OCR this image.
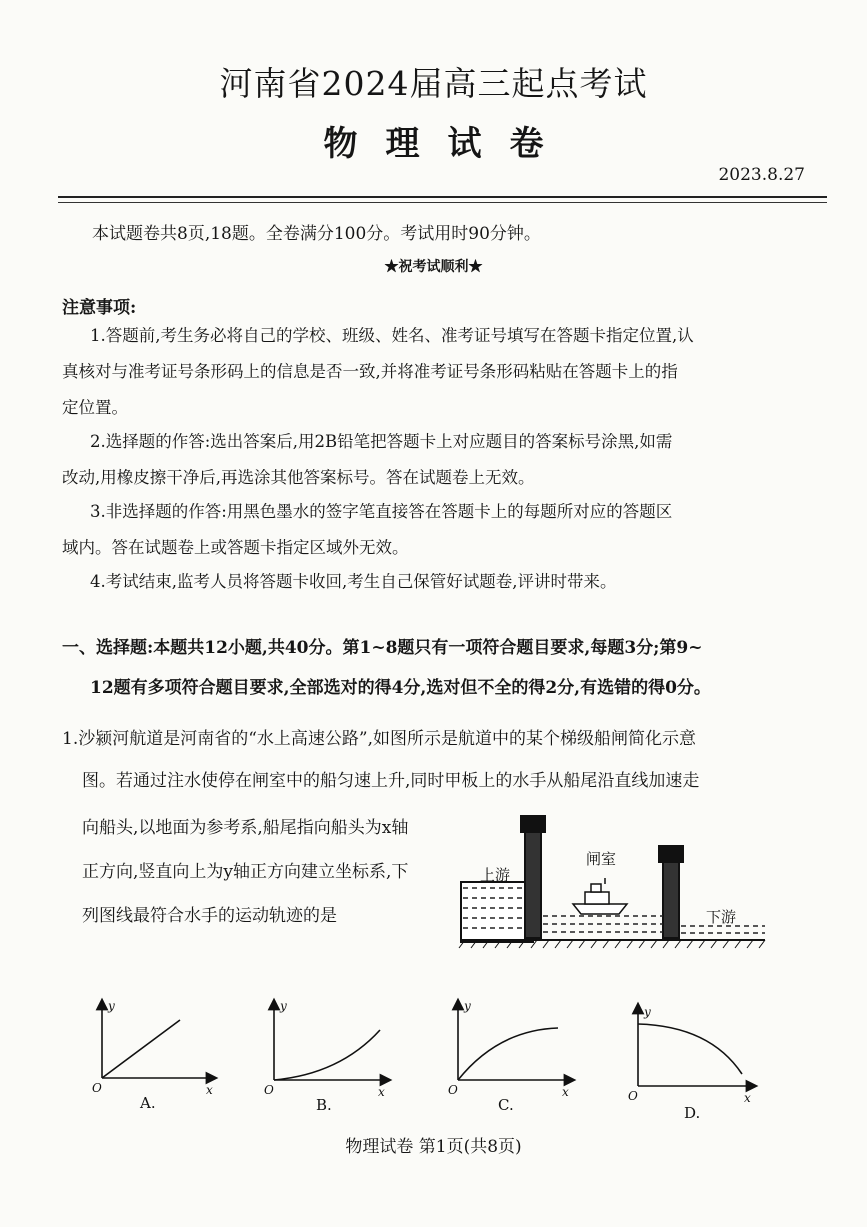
河南省2024届高三起点考试
物理试卷
2023.8.27
本试题卷共8页,18题。全卷满分100分。考试用时90分钟。
★祝考试顺利★
注意事项:
1.答题前,考生务必将自己的学校、班级、姓名、准考证号填写在答题卡指定位置,认
真核对与准考证号条形码上的信息是否一致,并将准考证号条形码粘贴在答题卡上的指
定位置。
2.选择题的作答:选出答案后,用2B铅笔把答题卡上对应题目的答案标号涂黑,如需
改动,用橡皮擦干净后,再选涂其他答案标号。答在试题卷上无效。
3.非选择题的作答:用黑色墨水的签字笔直接答在答题卡上的每题所对应的答题区
域内。答在试题卷上或答题卡指定区域外无效。
4.考试结束,监考人员将答题卡收回,考生自己保管好试题卷,评讲时带来。
一、选择题:本题共12小题,共40分。第1~8题只有一项符合题目要求,每题3分;第9~
12题有多项符合题目要求,全部选对的得4分,选对但不全的得2分,有选错的得0分。
1.沙颍河航道是河南省的“水上高速公路”,如图所示是航道中的某个梯级船闸简化示意
图。若通过注水使停在闸室中的船匀速上升,同时甲板上的水手从船尾沿直线加速走
向船头,以地面为参考系,船尾指向船头为x轴
正方向,竖直向上为y轴正方向建立坐标系,下
列图线最符合水手的运动轨迹的是
上游
闸室
下游
y
x
O
y
x
O
y
x
O
y
x
O
A.	B.	C.	D.
物理试卷 第1页(共8页)
